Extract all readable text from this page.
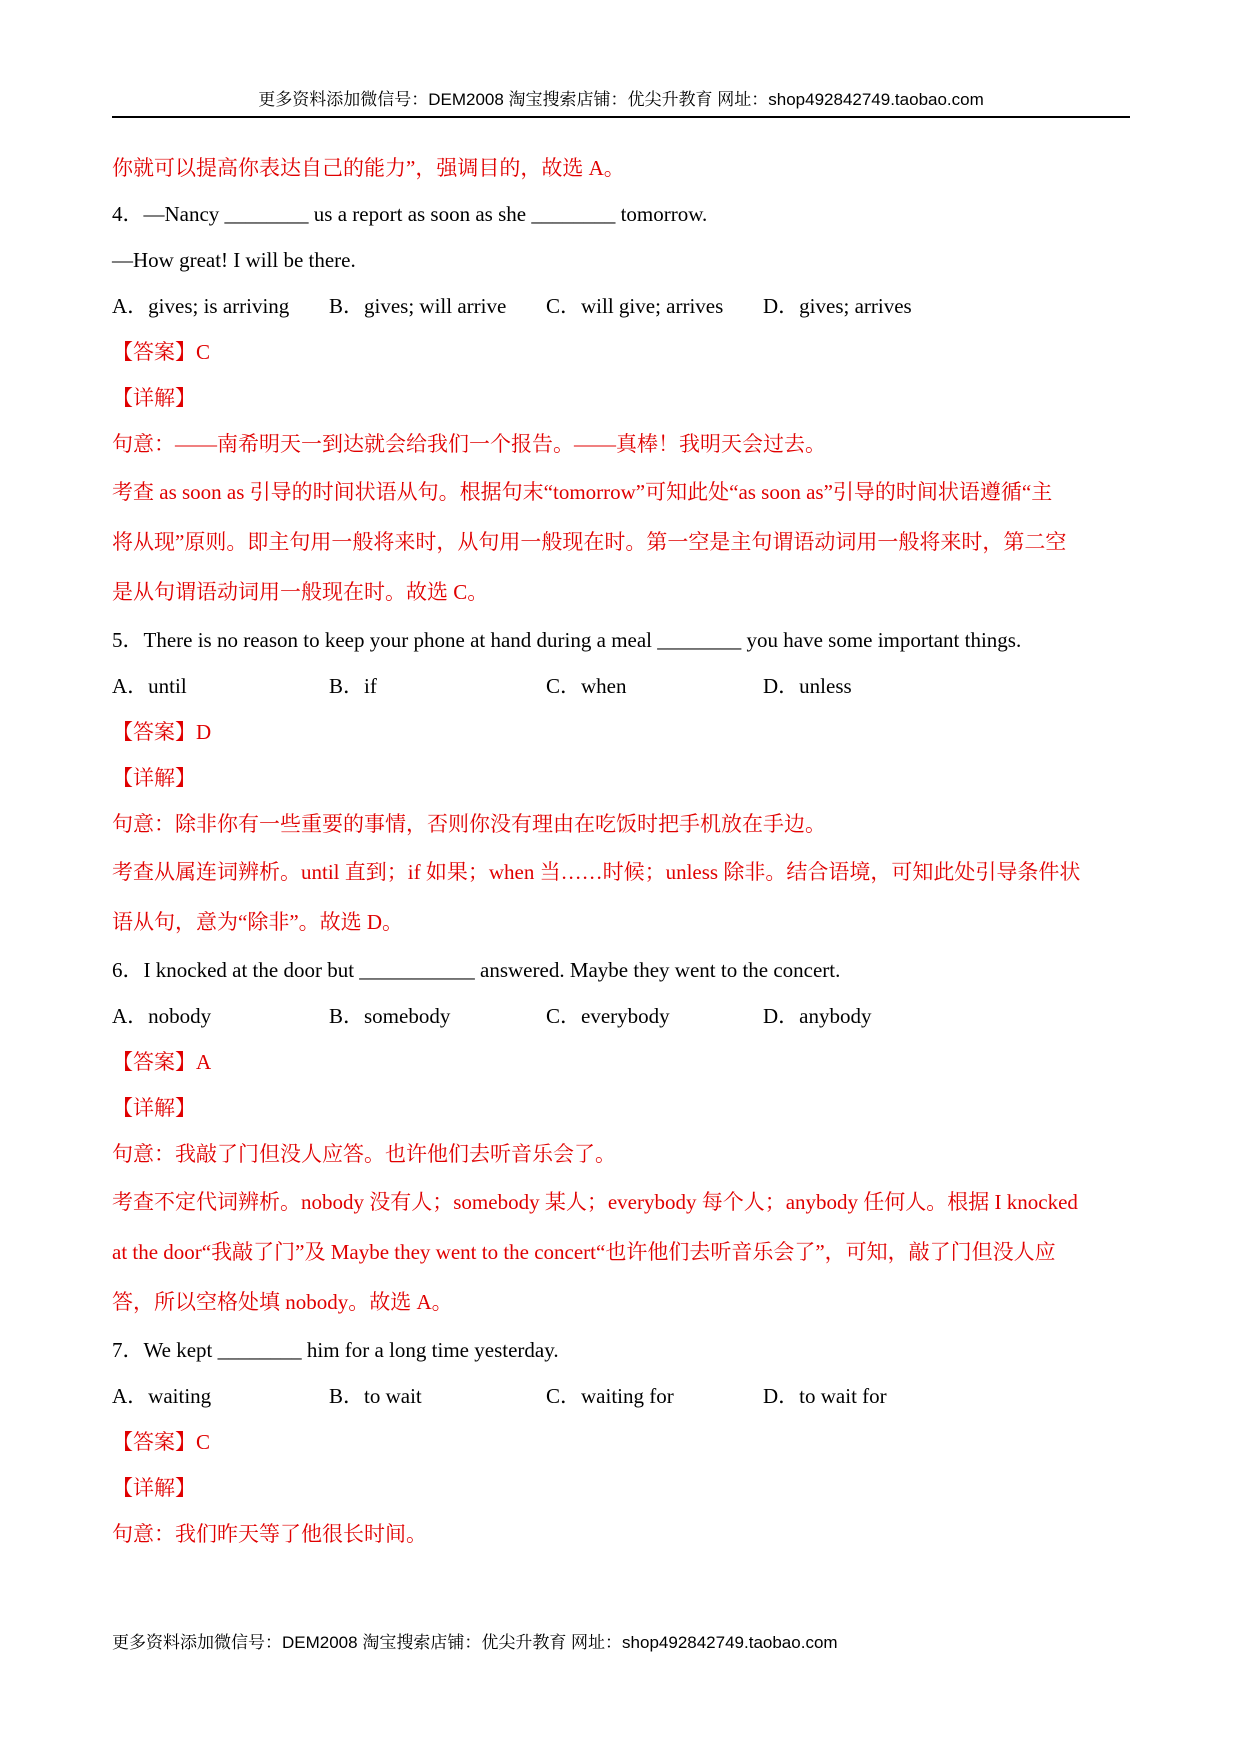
更多资料添加微信号：DEM2008 淘宝搜索店铺：优尖升教育 网址：shop492842749.taobao.com
你就可以提高你表达自己的能力”，强调目的，故选 A。
4．—Nancy ________ us a report as soon as she ________ tomorrow.
—How great! I will be there.
A．gives; is arriving	B．gives; will arrive	C．will give; arrives	D．gives; arrives
【答案】C
【详解】
句意：——南希明天一到达就会给我们一个报告。——真棒！我明天会过去。
考查 as soon as 引导的时间状语从句。根据句末“tomorrow”可知此处“as soon as”引导的时间状语遵循“主
将从现”原则。即主句用一般将来时，从句用一般现在时。第一空是主句谓语动词用一般将来时，第二空
是从句谓语动词用一般现在时。故选 C。
5．There is no reason to keep your phone at hand during a meal ________ you have some important things.
A．until	B．if	C．when	D．unless
【答案】D
【详解】
句意：除非你有一些重要的事情，否则你没有理由在吃饭时把手机放在手边。
考查从属连词辨析。until 直到；if 如果；when 当……时候；unless 除非。结合语境，可知此处引导条件状
语从句，意为“除非”。故选 D。
6．I knocked at the door but ___________ answered. Maybe they went to the concert.
A．nobody	B．somebody	C．everybody	D．anybody
【答案】A
【详解】
句意：我敲了门但没人应答。也许他们去听音乐会了。
考查不定代词辨析。nobody 没有人；somebody 某人；everybody 每个人；anybody 任何人。根据 I knocked
at the door“我敲了门”及 Maybe they went to the concert“也许他们去听音乐会了”，可知，敲了门但没人应
答，所以空格处填 nobody。故选 A。
7．We kept ________ him for a long time yesterday.
A．waiting	B．to wait	C．waiting for	D．to wait for
【答案】C
【详解】
句意：我们昨天等了他很长时间。
更多资料添加微信号：DEM2008 淘宝搜索店铺：优尖升教育 网址：shop492842749.taobao.com
